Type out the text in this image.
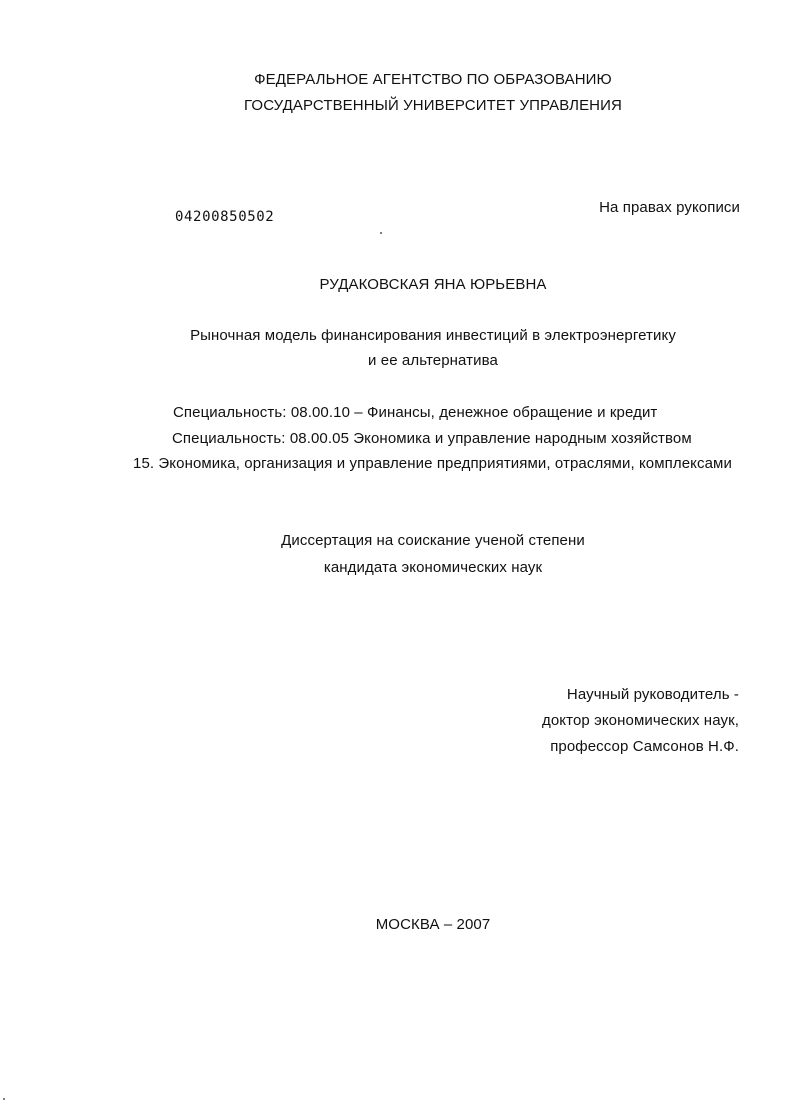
ФЕДЕРАЛЬНОЕ АГЕНТСТВО ПО ОБРАЗОВАНИЮ
ГОСУДАРСТВЕННЫЙ УНИВЕРСИТЕТ УПРАВЛЕНИЯ
04200850502
На правах рукописи
РУДАКОВСКАЯ ЯНА ЮРЬЕВНА
Рыночная модель финансирования инвестиций в электроэнергетику
и ее альтернатива
Специальность: 08.00.10 – Финансы, денежное обращение и кредит
Специальность: 08.00.05 Экономика и управление народным хозяйством
15. Экономика, организация и управление предприятиями, отраслями, комплексами
Диссертация на соискание ученой степени
кандидата экономических наук
Научный руководитель -
доктор экономических наук,
профессор Самсонов Н.Ф.
МОСКВА – 2007
